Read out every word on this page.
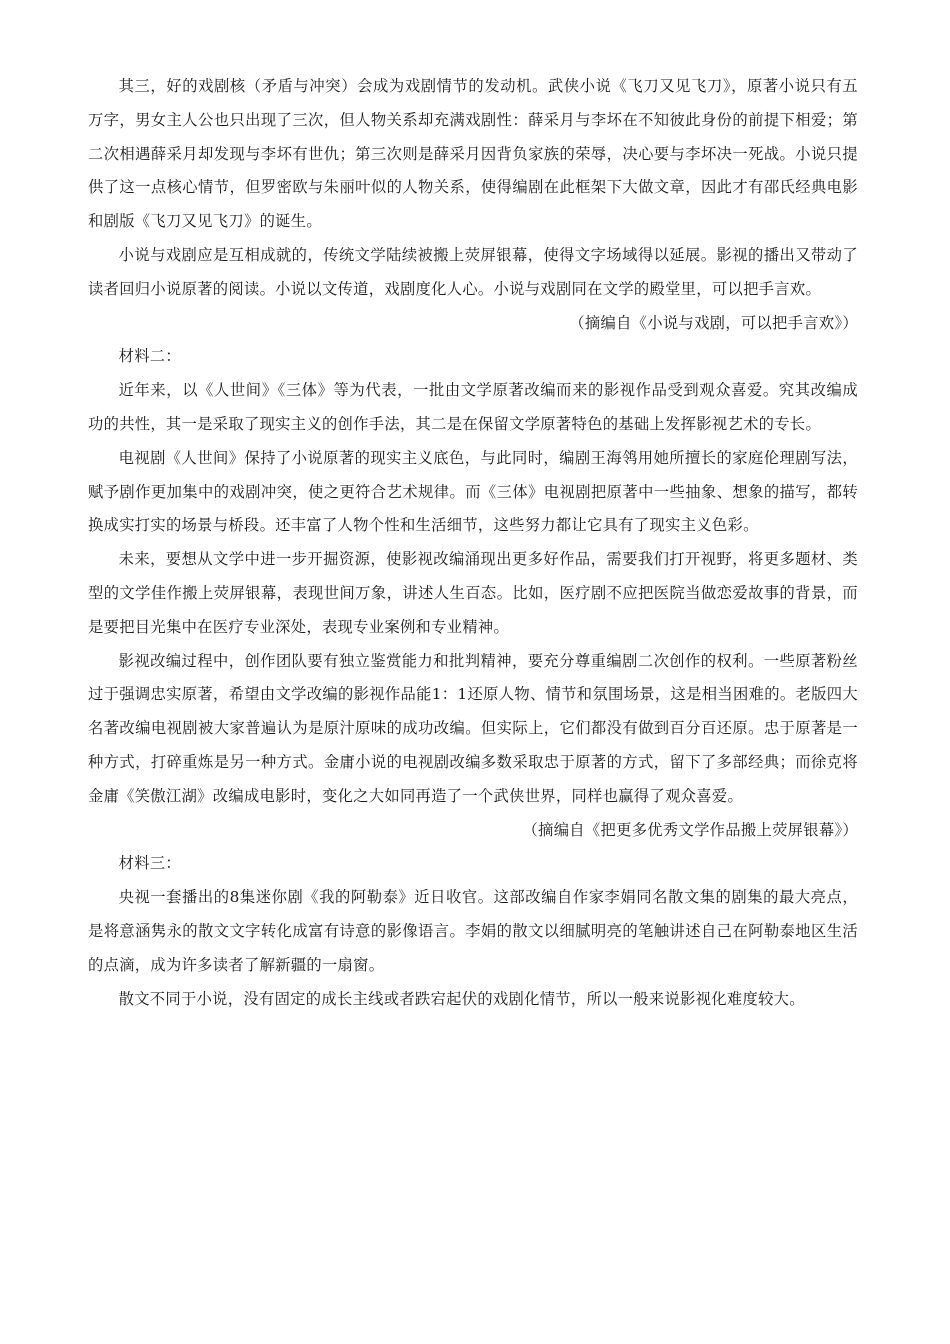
其三，好的戏剧核（矛盾与冲突）会成为戏剧情节的发动机。武侠小说《飞刀又见飞刀》，原著小说只有五万字，男女主人公也只出现了三次，但人物关系却充满戏剧性：薛采月与李坏在不知彼此身份的前提下相爱；第二次相遇薛采月却发现与李坏有世仇；第三次则是薛采月因背负家族的荣辱，决心要与李坏决一死战。小说只提供了这一点核心情节，但罗密欧与朱丽叶似的人物关系，使得编剧在此框架下大做文章，因此才有邵氏经典电影和剧版《飞刀又见飞刀》的诞生。

小说与戏剧应是互相成就的，传统文学陆续被搬上荧屏银幕，使得文字场域得以延展。影视的播出又带动了读者回归小说原著的阅读。小说以文传道，戏剧度化人心。小说与戏剧同在文学的殿堂里，可以把手言欢。

（摘编自《小说与戏剧，可以把手言欢》）

材料二：

近年来，以《人世间》《三体》等为代表，一批由文学原著改编而来的影视作品受到观众喜爱。究其改编成功的共性，其一是采取了现实主义的创作手法，其二是在保留文学原著特色的基础上发挥影视艺术的专长。

电视剧《人世间》保持了小说原著的现实主义底色，与此同时，编剧王海鸰用她所擅长的家庭伦理剧写法，赋予剧作更加集中的戏剧冲突，使之更符合艺术规律。而《三体》电视剧把原著中一些抽象、想象的描写，都转换成实打实的场景与桥段。还丰富了人物个性和生活细节，这些努力都让它具有了现实主义色彩。

未来，要想从文学中进一步开掘资源，使影视改编涌现出更多好作品，需要我们打开视野，将更多题材、类型的文学佳作搬上荧屏银幕，表现世间万象，讲述人生百态。比如，医疗剧不应把医院当做恋爱故事的背景，而是要把目光集中在医疗专业深处，表现专业案例和专业精神。

影视改编过程中，创作团队要有独立鉴赏能力和批判精神，要充分尊重编剧二次创作的权利。一些原著粉丝过于强调忠实原著，希望由文学改编的影视作品能1：1还原人物、情节和氛围场景，这是相当困难的。老版四大名著改编电视剧被大家普遍认为是原汁原味的成功改编。但实际上，它们都没有做到百分百还原。忠于原著是一种方式，打碎重炼是另一种方式。金庸小说的电视剧改编多数采取忠于原著的方式，留下了多部经典；而徐克将金庸《笑傲江湖》改编成电影时，变化之大如同再造了一个武侠世界，同样也赢得了观众喜爱。

（摘编自《把更多优秀文学作品搬上荧屏银幕》）

材料三：

央视一套播出的8集迷你剧《我的阿勒泰》近日收官。这部改编自作家李娟同名散文集的剧集的最大亮点，是将意涵隽永的散文文字转化成富有诗意的影像语言。李娟的散文以细腻明亮的笔触讲述自己在阿勒泰地区生活的点滴，成为许多读者了解新疆的一扇窗。

散文不同于小说，没有固定的成长主线或者跌宕起伏的戏剧化情节，所以一般来说影视化难度较大。
